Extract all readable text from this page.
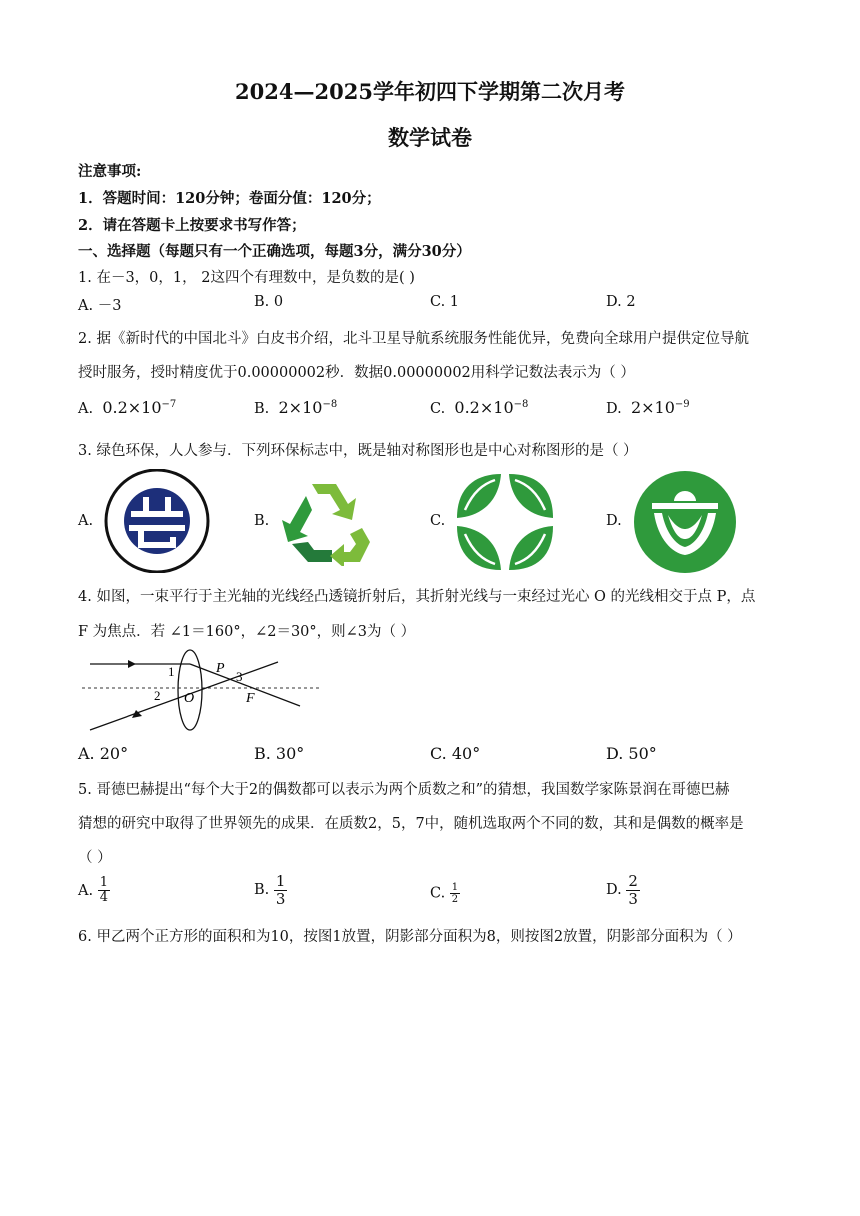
2024—2025学年初四下学期第二次月考
数学试卷
注意事项:
1．答题时间：120分钟；卷面分值：120分；
2．请在答题卡上按要求书写作答；
一、选择题（每题只有一个正确选项，每题3分，满分30分）
1. 在－3，0，1， 2这四个有理数中，是负数的是( )
A. －3	B. 0	C. 1	D. 2
2. 据《新时代的中国北斗》白皮书介绍，北斗卫星导航系统服务性能优异，免费向全球用户提供定位导航
授时服务，授时精度优于0.00000002秒．数据0.00000002用科学记数法表示为（ ）
A. $0.2\times 10^{-7}$	B. $2\times 10^{-8}$	C. $0.2\times 10^{-8}$	D. $2\times 10^{-9}$
3. 绿色环保，人人参与．下列环保标志中，既是轴对称图形也是中心对称图形的是（ ）
A.	B.	C.	D.
4. 如图，一束平行于主光轴的光线经凸透镜折射后，其折射光线与一束经过光心 O 的光线相交于点 P，点
F 为焦点．若 ∠1＝160°，∠2＝30°，则∠3为（ ）
1
2
3
P
O	F
A. 20°	B. 30°	C. 40°	D. 50°
5. 哥德巴赫提出“每个大于2的偶数都可以表示为两个质数之和”的猜想，我国数学家陈景润在哥德巴赫
猜想的研究中取得了世界领先的成果．在质数2，5，7中，随机选取两个不同的数，其和是偶数的概率是
（ ）
A. $\frac{1}{4}$	B. $\frac{1}{3}$	C. $\frac{1}{2}$	D. $\frac{2}{3}$
6. 甲乙两个正方形的面积和为10，按图1放置，阴影部分面积为8，则按图2放置，阴影部分面积为（ ）
